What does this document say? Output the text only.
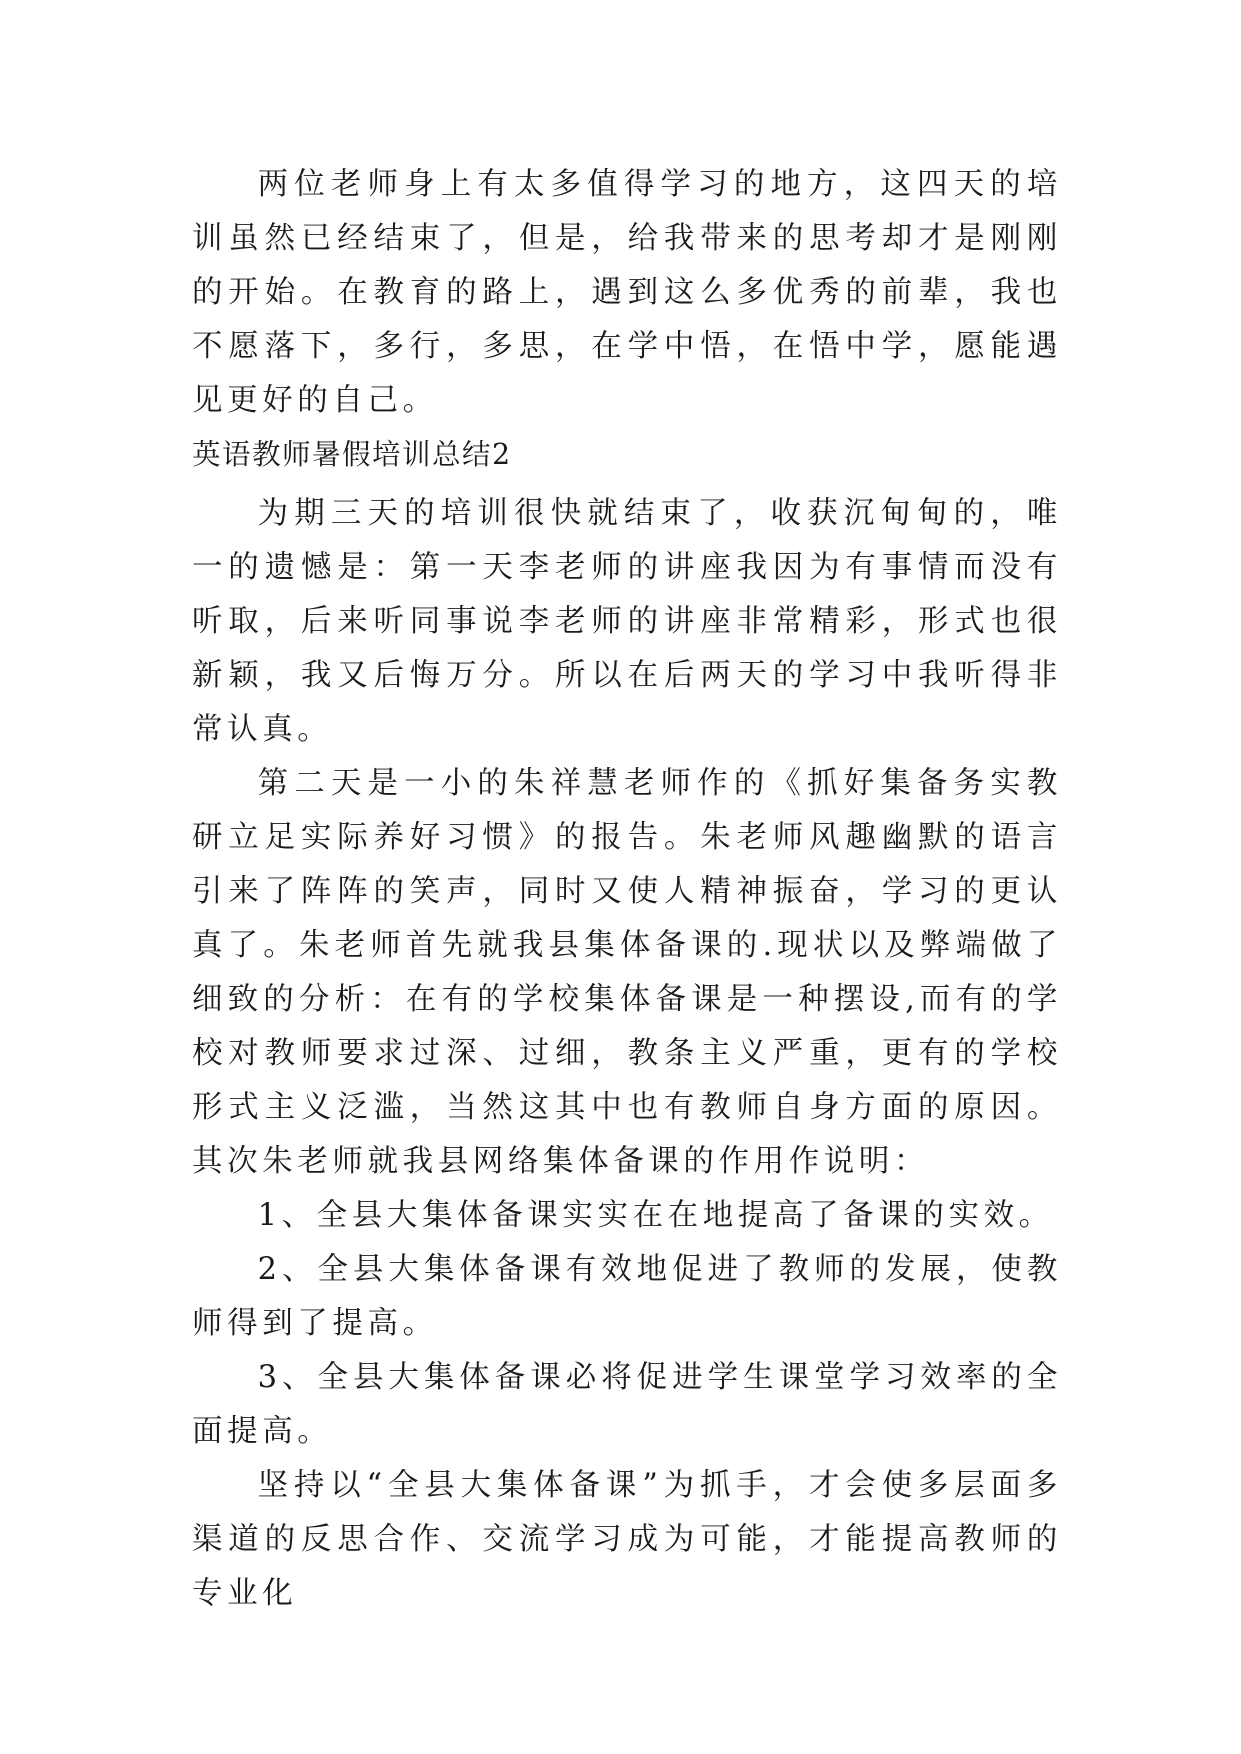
两位老师身上有太多值得学习的地方，这四天的培训虽然已经结束了，但是，给我带来的思考却才是刚刚的开始。在教育的路上，遇到这么多优秀的前辈，我也不愿落下，多行，多思，在学中悟，在悟中学，愿能遇见更好的自己。

英语教师暑假培训总结2

为期三天的培训很快就结束了，收获沉甸甸的，唯一的遗憾是：第一天李老师的讲座我因为有事情而没有听取，后来听同事说李老师的讲座非常精彩，形式也很新颖，我又后悔万分。所以在后两天的学习中我听得非常认真。

第二天是一小的朱祥慧老师作的《抓好集备务实教研立足实际养好习惯》的报告。朱老师风趣幽默的语言引来了阵阵的笑声，同时又使人精神振奋，学习的更认真了。朱老师首先就我县集体备课的.现状以及弊端做了细致的分析：在有的学校集体备课是一种摆设,而有的学校对教师要求过深、过细，教条主义严重，更有的学校形式主义泛滥，当然这其中也有教师自身方面的原因。其次朱老师就我县网络集体备课的作用作说明：

1、全县大集体备课实实在在地提高了备课的实效。

2、全县大集体备课有效地促进了教师的发展，使教师得到了提高。

3、全县大集体备课必将促进学生课堂学习效率的全面提高。

坚持以“全县大集体备课”为抓手，才会使多层面多渠道的反思合作、交流学习成为可能，才能提高教师的专业化
